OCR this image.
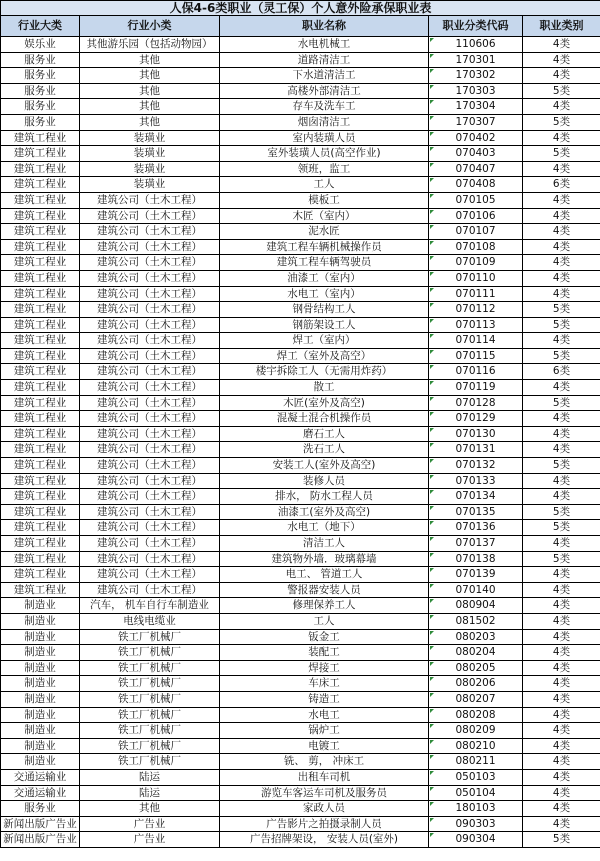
人保4-6类职业（灵工保）个人意外险承保职业表				
行业大类	行业小类	职业名称	职业分类代码	职业类别
娱乐业	其他游乐园（包括动物园）	水电机械工	110606	4类
服务业	其他	道路清洁工	170301	4类
服务业	其他	下水道清洁工	170302	4类
服务业	其他	高楼外部清洁工	170303	5类
服务业	其他	存车及洗车工	170304	4类
服务业	其他	烟囱清洁工	170307	5类
建筑工程业	装璜业	室内装璜人员	070402	4类
建筑工程业	装璜业	室外装璜人员(高空作业)	070403	5类
建筑工程业	装璜业	领班，监工	070407	4类
建筑工程业	装璜业	工人	070408	6类
建筑工程业	建筑公司（土木工程）	模板工	070105	4类
建筑工程业	建筑公司（土木工程）	木匠（室内）	070106	4类
建筑工程业	建筑公司（土木工程）	泥水匠	070107	4类
建筑工程业	建筑公司（土木工程）	建筑工程车辆机械操作员	070108	4类
建筑工程业	建筑公司（土木工程）	建筑工程车辆驾驶员	070109	4类
建筑工程业	建筑公司（土木工程）	油漆工（室内）	070110	4类
建筑工程业	建筑公司（土木工程）	水电工（室内）	070111	4类
建筑工程业	建筑公司（土木工程）	钢骨结构工人	070112	5类
建筑工程业	建筑公司（土木工程）	钢筋架设工人	070113	5类
建筑工程业	建筑公司（土木工程）	焊工（室内）	070114	4类
建筑工程业	建筑公司（土木工程）	焊工（室外及高空）	070115	5类
建筑工程业	建筑公司（土木工程）	楼宇拆除工人（无需用炸药）	070116	6类
建筑工程业	建筑公司（土木工程）	散工	070119	4类
建筑工程业	建筑公司（土木工程）	木匠(室外及高空)	070128	5类
建筑工程业	建筑公司（土木工程）	混凝土混合机操作员	070129	4类
建筑工程业	建筑公司（土木工程）	磨石工人	070130	4类
建筑工程业	建筑公司（土木工程）	洗石工人	070131	4类
建筑工程业	建筑公司（土木工程）	安装工人(室外及高空)	070132	5类
建筑工程业	建筑公司（土木工程）	装修人员	070133	4类
建筑工程业	建筑公司（土木工程）	排水， 防水工程人员	070134	4类
建筑工程业	建筑公司（土木工程）	油漆工(室外及高空)	070135	5类
建筑工程业	建筑公司（土木工程）	水电工（地下）	070136	5类
建筑工程业	建筑公司（土木工程）	清洁工人	070137	4类
建筑工程业	建筑公司（土木工程）	建筑物外墙．玻璃幕墙	070138	5类
建筑工程业	建筑公司（土木工程）	电工、 管道工人	070139	4类
建筑工程业	建筑公司（土木工程）	警报器安装人员	070140	4类
制造业	汽车， 机车自行车制造业	修理保养工人	080904	4类
制造业	电线电缆业	工人	081502	4类
制造业	铁工厂机械厂	钣金工	080203	4类
制造业	铁工厂机械厂	装配工	080204	4类
制造业	铁工厂机械厂	焊接工	080205	4类
制造业	铁工厂机械厂	车床工	080206	4类
制造业	铁工厂机械厂	铸造工	080207	4类
制造业	铁工厂机械厂	水电工	080208	4类
制造业	铁工厂机械厂	锅炉工	080209	4类
制造业	铁工厂机械厂	电镀工	080210	4类
制造业	铁工厂机械厂	铣、 剪， 冲床工	080211	4类
交通运输业	陆运	出租车司机	050103	4类
交通运输业	陆运	游览车客运车司机及服务员	050104	4类
服务业	其他	家政人员	180103	4类
新闻出版广告业	广告业	广告影片之拍摄录制人员	090303	4类
新闻出版广告业	广告业	广告招牌架设， 安装人员(室外)	090304	5类
